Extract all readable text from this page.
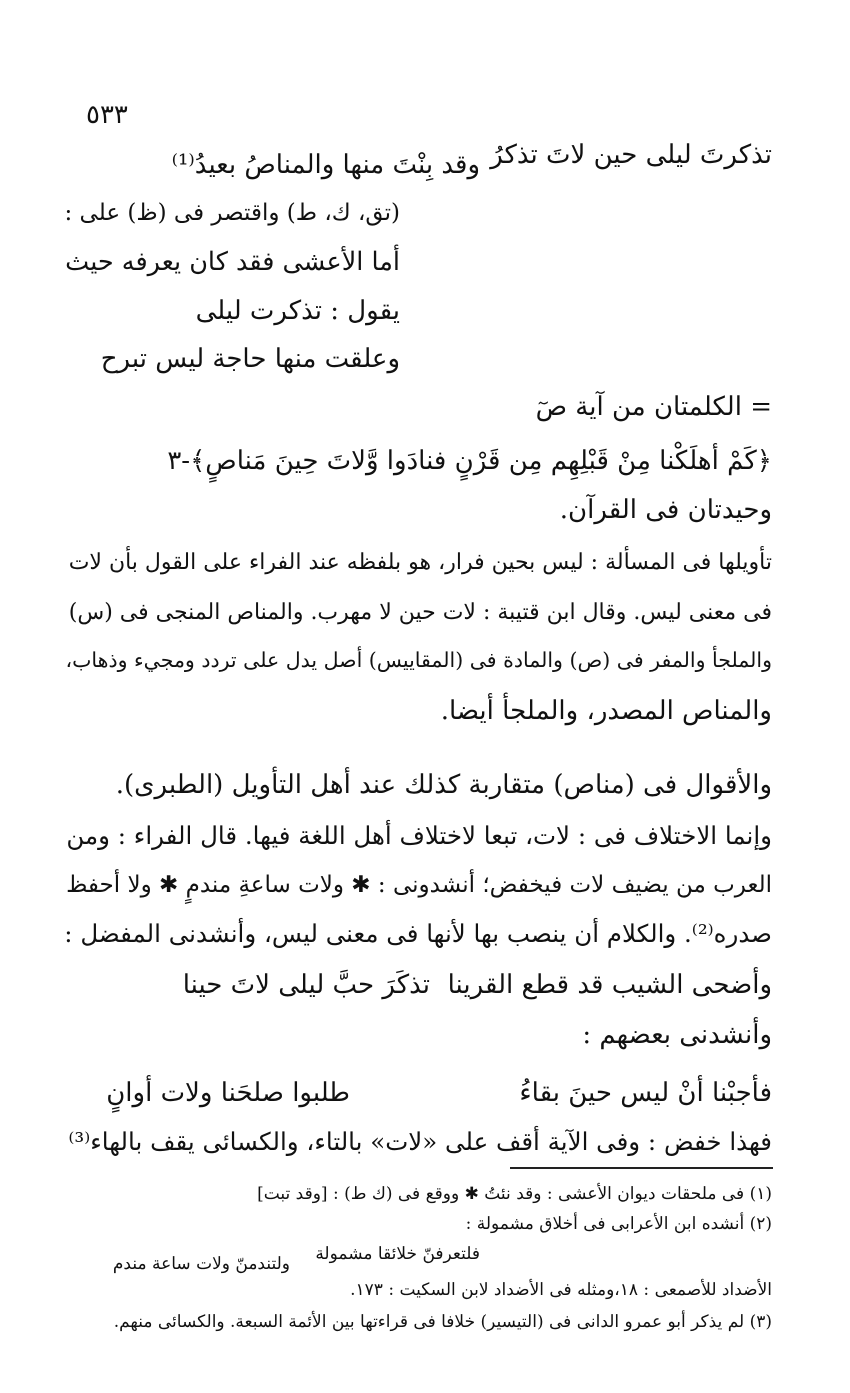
٥٣٣
تذكرتَ ليلى حين لاتَ تذكرُ
وقد بِنْتَ منها والمناصُ بعيدُ⁽¹⁾
(تق، ك، ط) واقتصر فى (ظ) على :
أما الأعشى فقد كان يعرفه حيث
يقول : تذكرت ليلى
وعلقت منها حاجة ليس تبرح
= الكلمتان من آية صٓ
﴿كَمْ أهلَكْنا مِنْ قَبْلِهِم مِن قَرْنٍ فنادَوا وَّلاتَ حِينَ مَناصٍ﴾-٣
وحيدتان فى القرآن.
تأويلها فى المسألة : ليس بحين فرار، هو بلفظه عند الفراء على القول بأن لات
فى معنى ليس. وقال ابن قتيبة : لات حين لا مهرب. والمناص المنجى فى (س)
والملجأ والمفر فى (ص) والمادة فى (المقاييس) أصل يدل على تردد ومجيء وذهاب،
والمناص المصدر، والملجأ أيضا.
والأقوال فى (مناص) متقاربة كذلك عند أهل التأويل (الطبرى).
وإنما الاختلاف فى : لات، تبعا لاختلاف أهل اللغة فيها. قال الفراء : ومن
العرب من يضيف لات فيخفض؛ أنشدونى : ✱ ولات ساعةِ مندمٍ ✱ ولا أحفظ
صدره⁽²⁾. والكلام أن ينصب بها لأنها فى معنى ليس، وأنشدنى المفضل :
تذكَرَ حبَّ ليلى لاتَ حينا وأضحى الشيب قد قطع القرينا
وأنشدنى بعضهم :
طلبوا صلحَنا ولات أوانٍ	فأجبْنا أنْ ليس حينَ بقاءُ
فهذا خفض : وفى الآية أقف على «لات» بالتاء، والكسائى يقف بالهاء⁽³⁾
(١) فى ملحقات ديوان الأعشى : وقد نئتُ ✱ ووقع فى (ك ط) : [وقد تبت]
(٢) أنشده ابن الأعرابى فى أخلاق مشمولة :
فلتعرفنّ خلائقا مشمولة
ولتندمنّ ولات ساعة مندم
الأضداد للأصمعى : ١٨،ومثله فى الأضداد لابن السكيت : ١٧٣.
(٣) لم يذكر أبو عمرو الدانى فى (التيسير) خلافا فى قراءتها بين الأئمة السبعة. والكسائى منهم.
